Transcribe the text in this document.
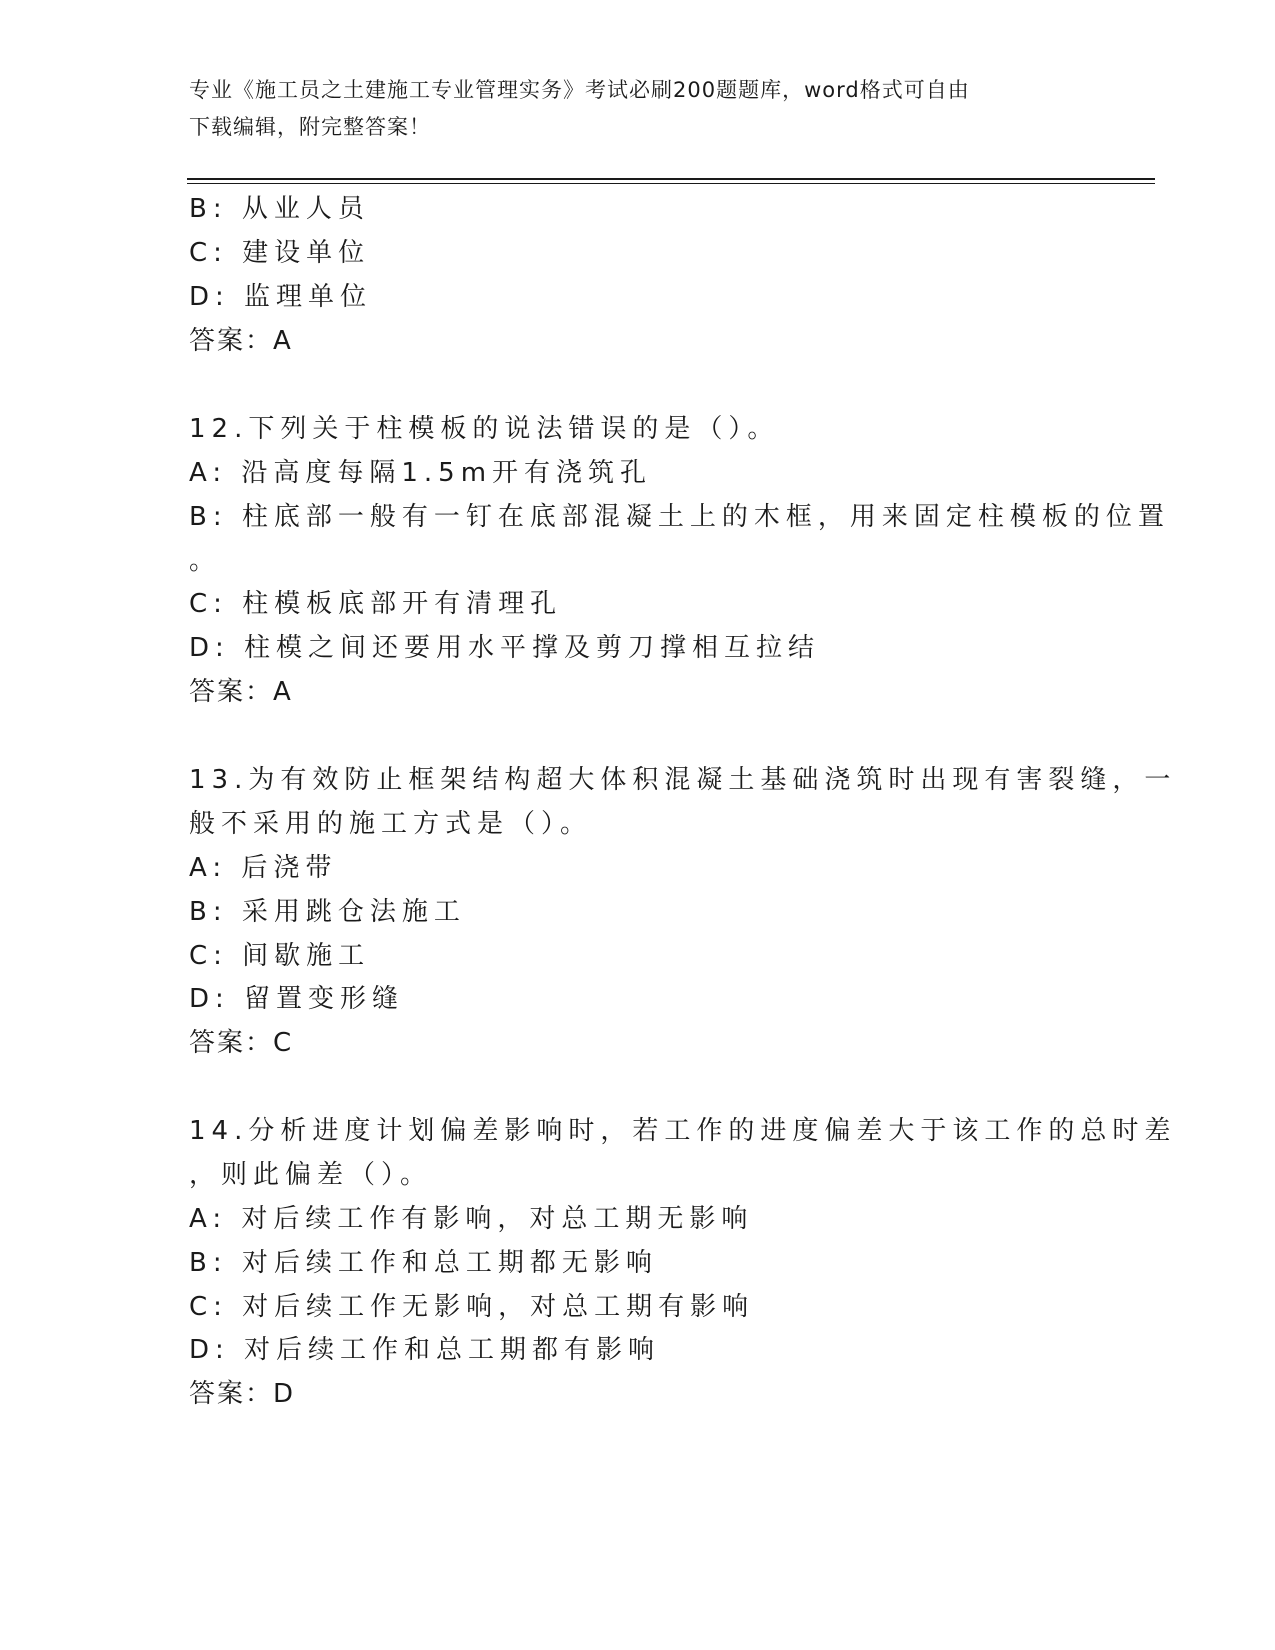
专业《施工员之土建施工专业管理实务》考试必刷200题题库，word格式可自由
下载编辑，附完整答案！
B: 从业人员
C: 建设单位
D: 监理单位
答案：A
12.下列关于柱模板的说法错误的是（）。
A: 沿高度每隔1.5m开有浇筑孔
B: 柱底部一般有一钉在底部混凝土上的木框，用来固定柱模板的位置
。
C: 柱模板底部开有清理孔
D: 柱模之间还要用水平撑及剪刀撑相互拉结
答案：A
13.为有效防止框架结构超大体积混凝土基础浇筑时出现有害裂缝，一
般不采用的施工方式是（）。
A: 后浇带
B: 采用跳仓法施工
C: 间歇施工
D: 留置变形缝
答案：C
14.分析进度计划偏差影响时，若工作的进度偏差大于该工作的总时差
，则此偏差（）。
A: 对后续工作有影响，对总工期无影响
B: 对后续工作和总工期都无影响
C: 对后续工作无影响，对总工期有影响
D: 对后续工作和总工期都有影响
答案：D
